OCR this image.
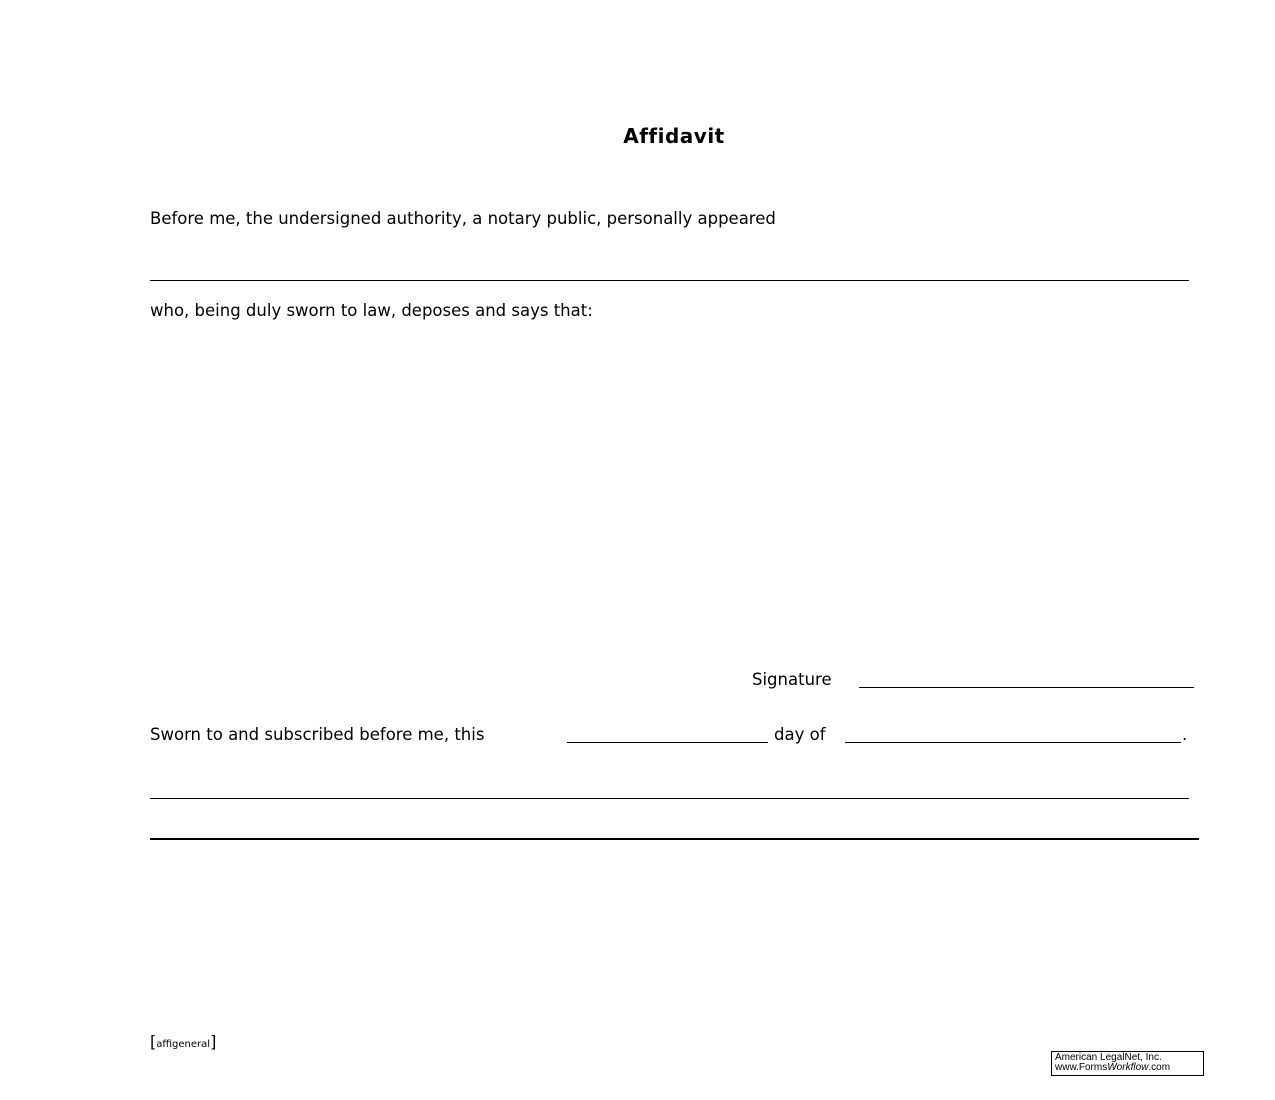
Affidavit
Before me, the undersigned authority, a notary public, personally appeared
who, being duly sworn to law, deposes and says that:
Signature
Sworn to and subscribed before me, this	day of	.
[affigeneral]
American LegalNet, Inc.
www.FormsWorkflow.com
